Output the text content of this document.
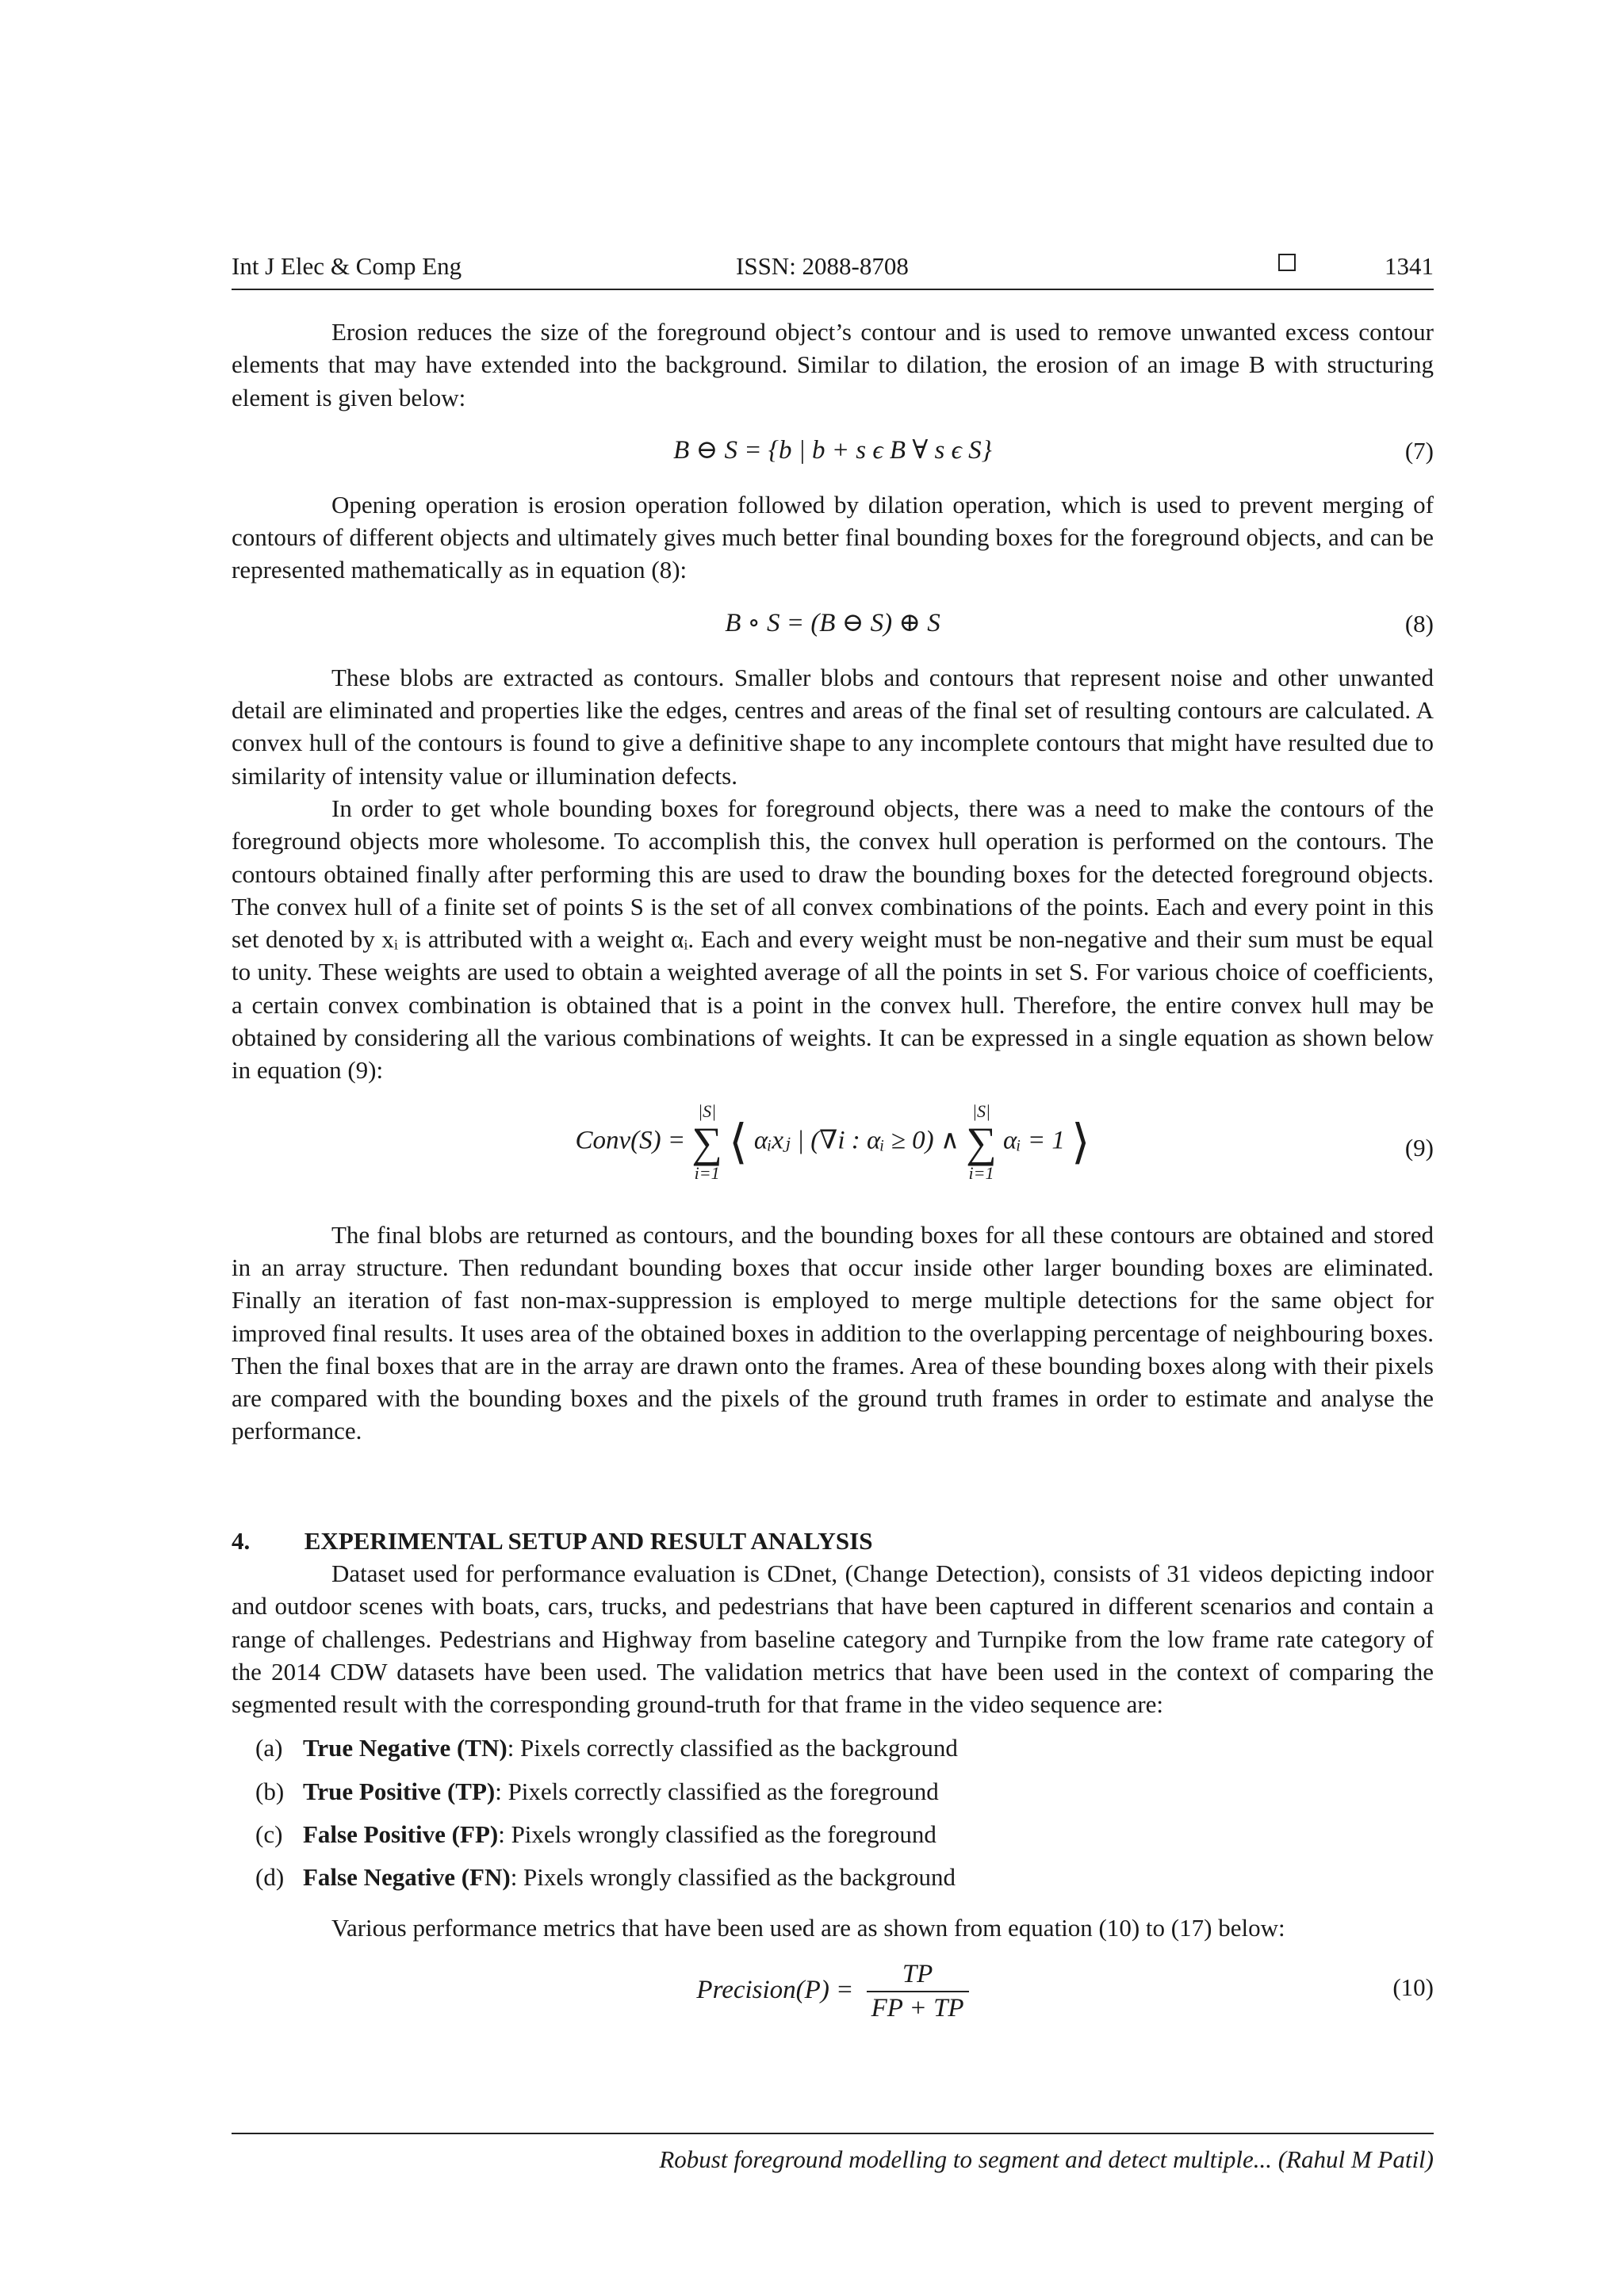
Int J Elec & Comp Eng	ISSN: 2088-8708	1341

Erosion reduces the size of the foreground object’s contour and is used to remove unwanted excess contour elements that may have extended into the background. Similar to dilation, the erosion of an image B with structuring element is given below:

B ⊖ S = {b | b + s ϵ B ∀ s ϵ S}	(7)

Opening operation is erosion operation followed by dilation operation, which is used to prevent merging of contours of different objects and ultimately gives much better final bounding boxes for the foreground objects, and can be represented mathematically as in equation (8):

B ∘ S = (B ⊖ S) ⊕ S	(8)

These blobs are extracted as contours. Smaller blobs and contours that represent noise and other unwanted detail are eliminated and properties like the edges, centres and areas of the final set of resulting contours are calculated. A convex hull of the contours is found to give a definitive shape to any incomplete contours that might have resulted due to similarity of intensity value or illumination defects.

In order to get whole bounding boxes for foreground objects, there was a need to make the contours of the foreground objects more wholesome. To accomplish this, the convex hull operation is performed on the contours. The contours obtained finally after performing this are used to draw the bounding boxes for the detected foreground objects. The convex hull of a finite set of points S is the set of all convex combinations of the points. Each and every point in this set denoted by xᵢ is attributed with a weight αᵢ. Each and every weight must be non-negative and their sum must be equal to unity. These weights are used to obtain a weighted average of all the points in set S. For various choice of coefficients, a certain convex combination is obtained that is a point in the convex hull. Therefore, the entire convex hull may be obtained by considering all the various combinations of weights. It can be expressed in a single equation as shown below in equation (9):

Conv(S) =
|S|
∑
i=1
⟨ αᵢxⱼ | (∇i : αᵢ ≥ 0) ∧
|S|
∑
i=1
αᵢ = 1 ⟩	(9)

The final blobs are returned as contours, and the bounding boxes for all these contours are obtained and stored in an array structure. Then redundant bounding boxes that occur inside other larger bounding boxes are eliminated. Finally an iteration of fast non-max-suppression is employed to merge multiple detections for the same object for improved final results. It uses area of the obtained boxes in addition to the overlapping percentage of neighbouring boxes. Then the final boxes that are in the array are drawn onto the frames. Area of these bounding boxes along with their pixels are compared with the bounding boxes and the pixels of the ground truth frames in order to estimate and analyse the performance.

4. EXPERIMENTAL SETUP AND RESULT ANALYSIS

Dataset used for performance evaluation is CDnet, (Change Detection), consists of 31 videos depicting indoor and outdoor scenes with boats, cars, trucks, and pedestrians that have been captured in different scenarios and contain a range of challenges. Pedestrians and Highway from baseline category and Turnpike from the low frame rate category of the 2014 CDW datasets have been used. The validation metrics that have been used in the context of comparing the segmented result with the corresponding ground-truth for that frame in the video sequence are:

(a) True Negative (TN): Pixels correctly classified as the background
(b) True Positive (TP): Pixels correctly classified as the foreground
(c) False Positive (FP): Pixels wrongly classified as the foreground
(d) False Negative (FN): Pixels wrongly classified as the background

Various performance metrics that have been used are as shown from equation (10) to (17) below:

Precision(P) = $\frac{TP}{FP + TP}$	(10)
Robust foreground modelling to segment and detect multiple... (Rahul M Patil)
